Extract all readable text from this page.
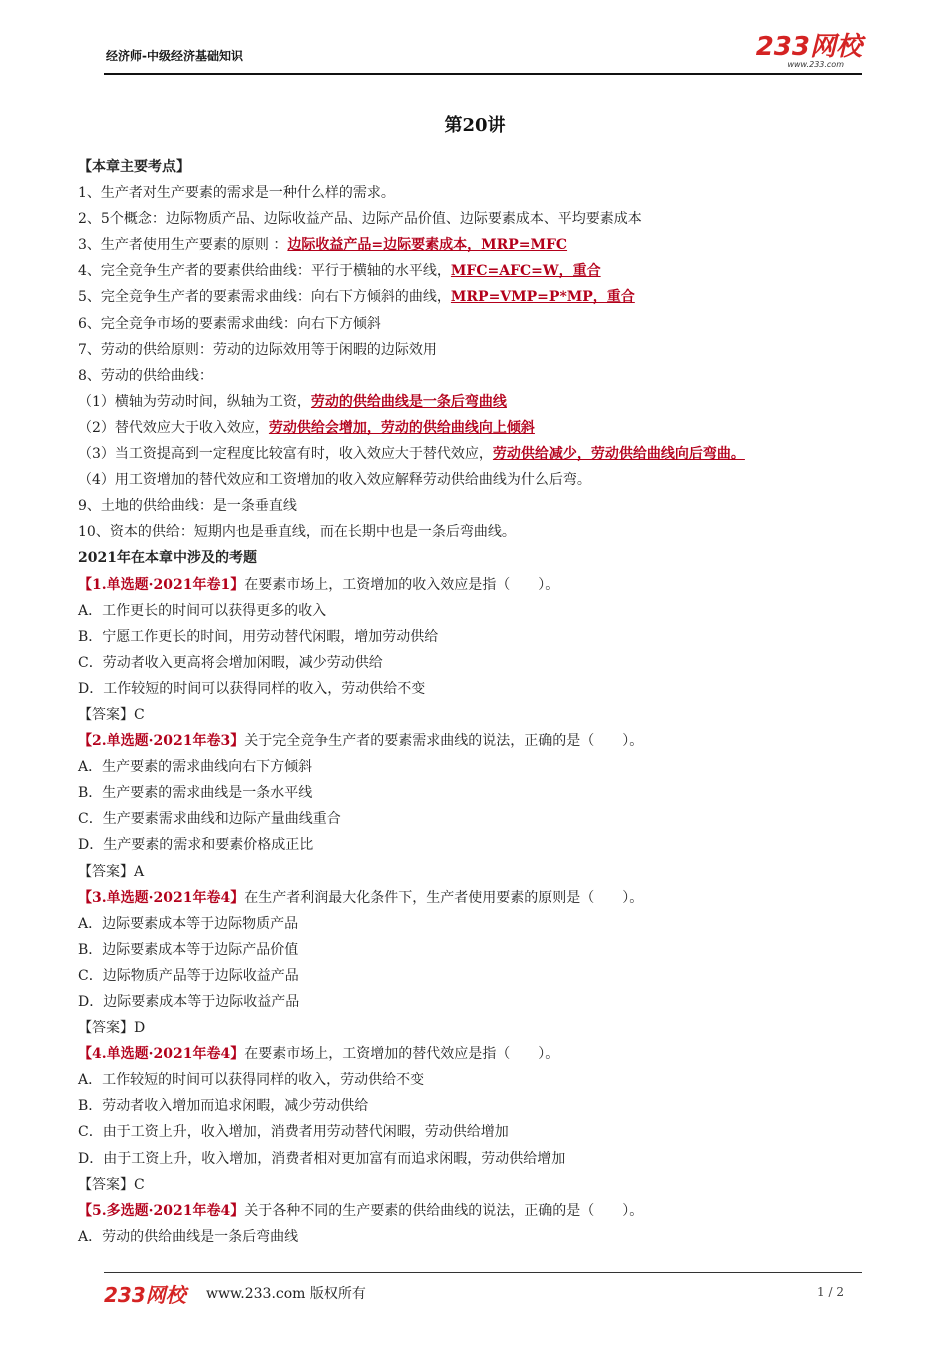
经济师-中级经济基础知识	233网校
www.233.com
第20讲
【本章主要考点】
1、生产者对生产要素的需求是一种什么样的需求。
2、5个概念：边际物质产品、边际收益产品、边际产品价值、边际要素成本、平均要素成本
3、生产者使用生产要素的原则 ：边际收益产品=边际要素成本，MRP=MFC
4、完全竞争生产者的要素供给曲线：平行于横轴的水平线，MFC=AFC=W，重合
5、完全竞争生产者的要素需求曲线：向右下方倾斜的曲线，MRP=VMP=P*MP，重合
6、完全竞争市场的要素需求曲线：向右下方倾斜
7、劳动的供给原则：劳动的边际效用等于闲暇的边际效用
8、劳动的供给曲线：
（1）横轴为劳动时间，纵轴为工资，劳动的供给曲线是一条后弯曲线
（2）替代效应大于收入效应，劳动供给会增加，劳动的供给曲线向上倾斜
（3）当工资提高到一定程度比较富有时，收入效应大于替代效应，劳动供给减少，劳动供给曲线向后弯曲。
（4）用工资增加的替代效应和工资增加的收入效应解释劳动供给曲线为什么后弯。
9、土地的供给曲线：是一条垂直线
10、资本的供给：短期内也是垂直线，而在长期中也是一条后弯曲线。
2021年在本章中涉及的考题
【1.单选题·2021年卷1】在要素市场上，工资增加的收入效应是指（　　）。
A．工作更长的时间可以获得更多的收入
B．宁愿工作更长的时间，用劳动替代闲暇，增加劳动供给
C．劳动者收入更高将会增加闲暇，减少劳动供给
D．工作较短的时间可以获得同样的收入，劳动供给不变
【答案】C
【2.单选题·2021年卷3】关于完全竞争生产者的要素需求曲线的说法，正确的是（　　）。
A．生产要素的需求曲线向右下方倾斜
B．生产要素的需求曲线是一条水平线
C．生产要素需求曲线和边际产量曲线重合
D．生产要素的需求和要素价格成正比
【答案】A
【3.单选题·2021年卷4】在生产者利润最大化条件下，生产者使用要素的原则是（　　）。
A．边际要素成本等于边际物质产品
B．边际要素成本等于边际产品价值
C．边际物质产品等于边际收益产品
D．边际要素成本等于边际收益产品
【答案】D
【4.单选题·2021年卷4】在要素市场上，工资增加的替代效应是指（　　）。
A．工作较短的时间可以获得同样的收入，劳动供给不变
B．劳动者收入增加而追求闲暇，减少劳动供给
C．由于工资上升，收入增加，消费者用劳动替代闲暇，劳动供给增加
D．由于工资上升，收入增加，消费者相对更加富有而追求闲暇，劳动供给增加
【答案】C
【5.多选题·2021年卷4】关于各种不同的生产要素的供给曲线的说法，正确的是（　　）。
A．劳动的供给曲线是一条后弯曲线
233网校 www.233.com 版权所有	1 / 2
